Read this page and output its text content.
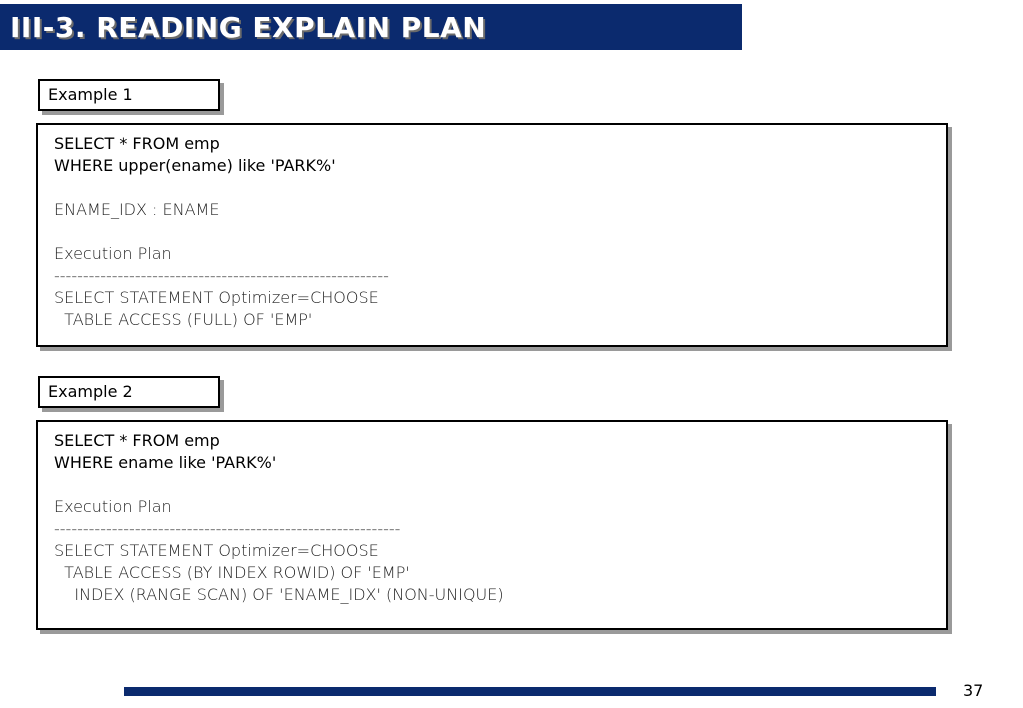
III-3. READING EXPLAIN PLAN
Example 1
SELECT * FROM emp
WHERE upper(ename) like 'PARK%'
ENAME_IDX : ENAME
Execution Plan
----------------------------------------------------------
SELECT STATEMENT Optimizer=CHOOSE
TABLE ACCESS (FULL) OF 'EMP'
Example 2
SELECT * FROM emp
WHERE ename like 'PARK%'
Execution Plan
------------------------------------------------------------
SELECT STATEMENT Optimizer=CHOOSE
TABLE ACCESS (BY INDEX ROWID) OF 'EMP'
INDEX (RANGE SCAN) OF 'ENAME_IDX' (NON-UNIQUE)
37
